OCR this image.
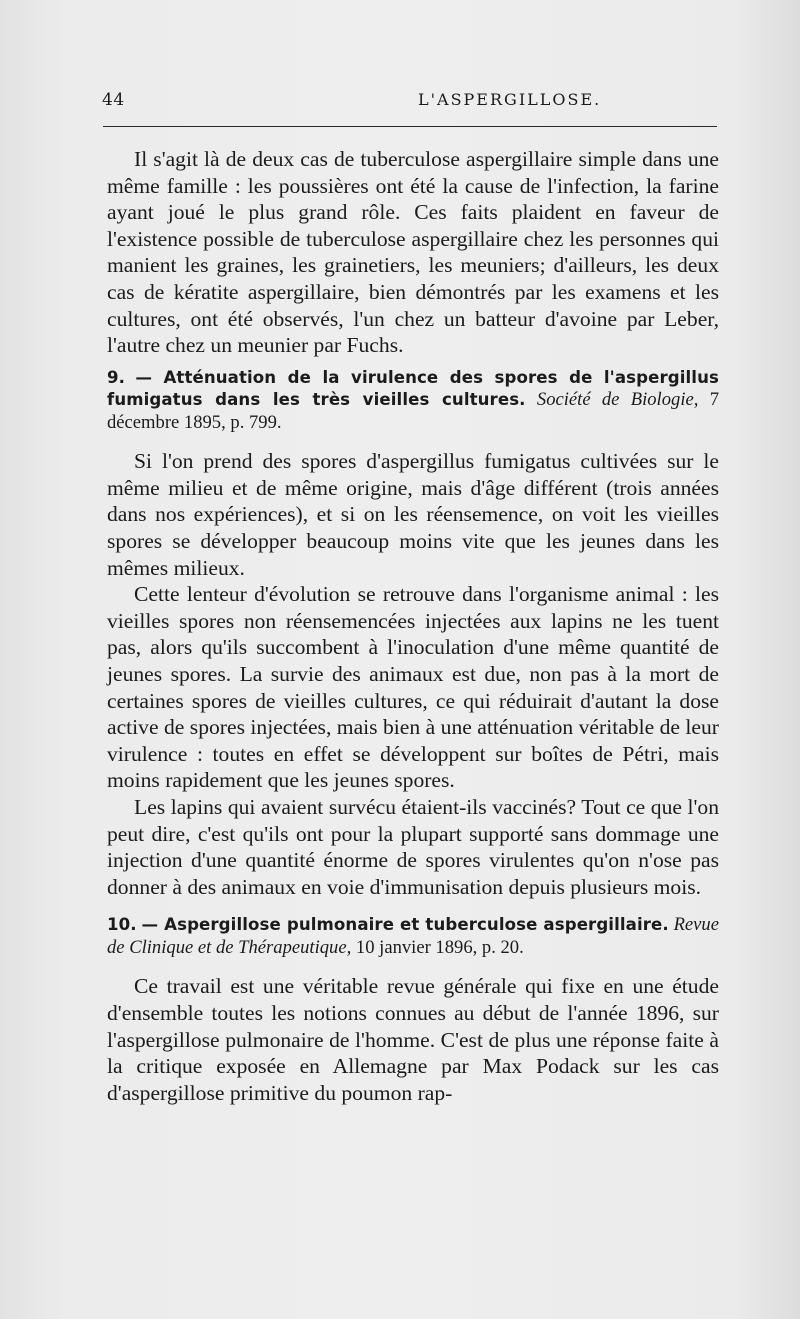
44	L'ASPERGILLOSE.

Il s'agit là de deux cas de tuberculose aspergillaire simple dans une même famille : les poussières ont été la cause de l'infection, la farine ayant joué le plus grand rôle. Ces faits plaident en faveur de l'existence possible de tuberculose aspergillaire chez les personnes qui manient les graines, les grainetiers, les meuniers; d'ailleurs, les deux cas de kératite aspergillaire, bien démontrés par les examens et les cultures, ont été observés, l'un chez un batteur d'avoine par Leber, l'autre chez un meunier par Fuchs.

9. — Atténuation de la virulence des spores de l'aspergillus fumigatus dans les très vieilles cultures. Société de Biologie, 7 décembre 1895, p. 799.

Si l'on prend des spores d'aspergillus fumigatus cultivées sur le même milieu et de même origine, mais d'âge différent (trois années dans nos expériences), et si on les réensemence, on voit les vieilles spores se développer beaucoup moins vite que les jeunes dans les mêmes milieux.

Cette lenteur d'évolution se retrouve dans l'organisme animal : les vieilles spores non réensemencées injectées aux lapins ne les tuent pas, alors qu'ils succombent à l'inoculation d'une même quantité de jeunes spores. La survie des animaux est due, non pas à la mort de certaines spores de vieilles cultures, ce qui réduirait d'autant la dose active de spores injectées, mais bien à une atténuation véritable de leur virulence : toutes en effet se développent sur boîtes de Pétri, mais moins rapidement que les jeunes spores.

Les lapins qui avaient survécu étaient-ils vaccinés? Tout ce que l'on peut dire, c'est qu'ils ont pour la plupart supporté sans dommage une injection d'une quantité énorme de spores virulentes qu'on n'ose pas donner à des animaux en voie d'immunisation depuis plusieurs mois.

10. — Aspergillose pulmonaire et tuberculose aspergillaire. Revue de Clinique et de Thérapeutique, 10 janvier 1896, p. 20.

Ce travail est une véritable revue générale qui fixe en une étude d'ensemble toutes les notions connues au début de l'année 1896, sur l'aspergillose pulmonaire de l'homme. C'est de plus une réponse faite à la critique exposée en Allemagne par Max Podack sur les cas d'aspergillose primitive du poumon rap-
